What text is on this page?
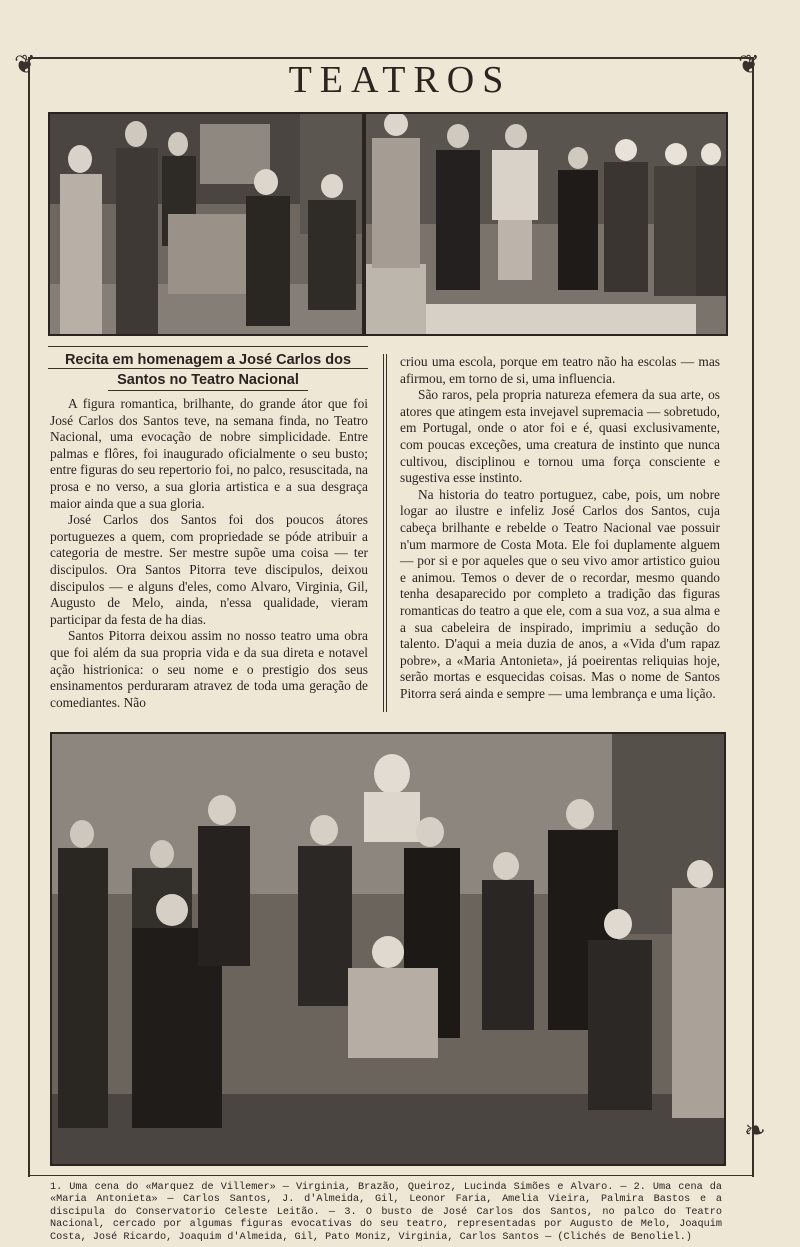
❦	❦
❧
TEATROS
Recita em homenagem a José Carlos dos
Santos no Teatro Nacional

A figura romantica, brilhante, do grande átor que foi José Carlos dos Santos teve, na semana finda, no Teatro Nacional, uma evocação de nobre simplicidade. Entre palmas e flôres, foi inaugurado oficialmente o seu busto; entre figuras do seu repertorio foi, no palco, resuscitada, na prosa e no verso, a sua gloria artistica e a sua desgraça maior ainda que a sua gloria.

José Carlos dos Santos foi dos poucos átores portuguezes a quem, com propriedade se póde atribuir a categoria de mestre. Ser mestre supõe uma coisa — ter discipulos. Ora Santos Pitorra teve discipulos, deixou discipulos — e alguns d'eles, como Alvaro, Virginia, Gil, Augusto de Melo, ainda, n'essa qualidade, vieram participar da festa de ha dias.

Santos Pitorra deixou assim no nosso teatro uma obra que foi além da sua propria vida e da sua direta e notavel ação histrionica: o seu nome e o prestigio dos seus ensinamentos perduraram atravez de toda uma geração de comediantes. Não

criou uma escola, porque em teatro não ha escolas — mas afirmou, em torno de si, uma influencia.

São raros, pela propria natureza efemera da sua arte, os atores que atingem esta invejavel supremacia — sobretudo, em Portugal, onde o ator foi e é, quasi exclusivamente, com poucas exceções, uma creatura de instinto que nunca cultivou, disciplinou e tornou uma força consciente e sugestiva esse instinto.

Na historia do teatro portuguez, cabe, pois, um nobre logar ao ilustre e infeliz José Carlos dos Santos, cuja cabeça brilhante e rebelde o Teatro Nacional vae possuir n'um marmore de Costa Mota. Ele foi duplamente alguem — por si e por aqueles que o seu vivo amor artistico guiou e animou. Temos o dever de o recordar, mesmo quando tenha desaparecido por completo a tradição das figuras romanticas do teatro a que ele, com a sua voz, a sua alma e a sua cabeleira de inspirado, imprimiu a sedução do talento. D'aqui a meia duzia de anos, a «Vida d'um rapaz pobre», a «Maria Antonieta», já poeirentas reliquias hoje, serão mortas e esquecidas coisas. Mas o nome de Santos Pitorra será ainda e sempre — uma lembrança e uma lição.

1. Uma cena do «Marquez de Villemer» — Virginia, Brazão, Queiroz, Lucinda Simões e Alvaro. — 2. Uma cena da «Maria Antonieta» — Carlos Santos, J. d'Almeida, Gil, Leonor Faria, Amelia Vieira, Palmira Bastos e a discipula do Conservatorio Celeste Leitão. — 3. O busto de José Carlos dos Santos, no palco do Teatro Nacional, cercado por algumas figuras evocativas do seu teatro, representadas por Augusto de Melo, Joaquim Costa, José Ricardo, Joaquim d'Almeida, Gil, Pato Moniz, Virginia, Carlos Santos — (Clichés de Benoliel.)
